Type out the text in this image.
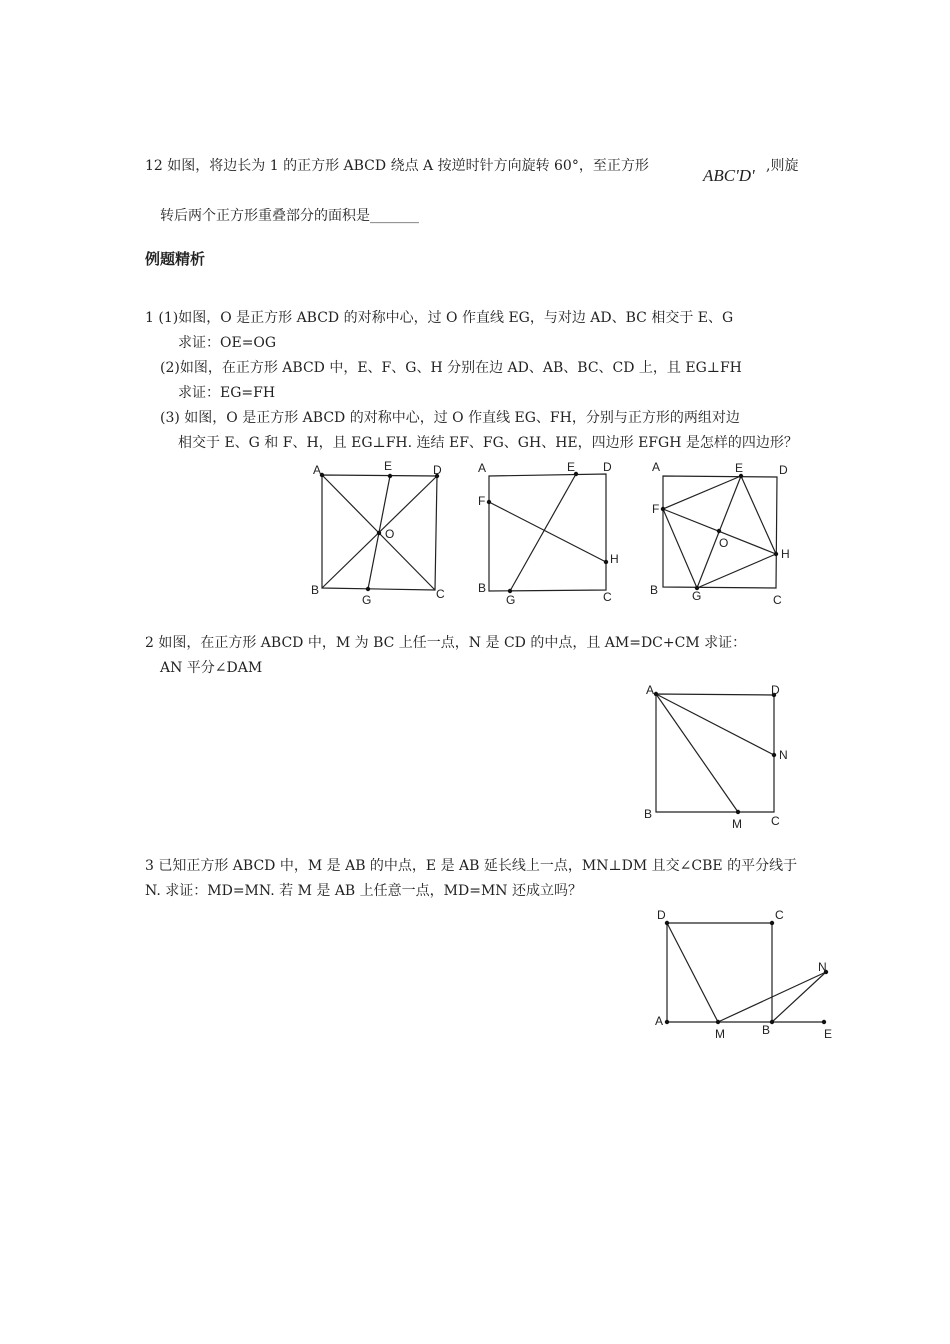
12 如图，将边长为 1 的正方形 ABCD 绕点 A 按逆时针方向旋转 60°，至正方形	ABC'D' ,则旋
转后两个正方形重叠部分的面积是_______
例题精析
1 (1)如图，O 是正方形 ABCD 的对称中心，过 O 作直线 EG，与对边 AD、BC 相交于 E、G
求证：OE=OG
(2)如图，在正方形 ABCD 中，E、F、G、H 分别在边 AD、AB、BC、CD 上，且 EG⊥FH
求证：EG=FH
(3) 如图，O 是正方形 ABCD 的对称中心，过 O 作直线 EG、FH，分别与正方形的两组对边
相交于 E、G 和 F、H，且 EG⊥FH. 连结 EF、FG、GH、HE，四边形 EFGH 是怎样的四边形？
A	E	D
O
B
G	C
A	E D
F
H
B
G	C
A	E	D
F
O
H
B	G	C
2 如图，在正方形 ABCD 中，M 为 BC 上任一点，N 是 CD 的中点，且 AM=DC+CM 求证：
AN 平分∠DAM
A	D
N
B
M C
3 已知正方形 ABCD 中，M 是 AB 的中点，E 是 AB 延长线上一点，MN⊥DM 且交∠CBE 的平分线于
N. 求证：MD=MN. 若 M 是 AB 上任意一点，MD=MN 还成立吗？
D	C
N
A
M	B	E
